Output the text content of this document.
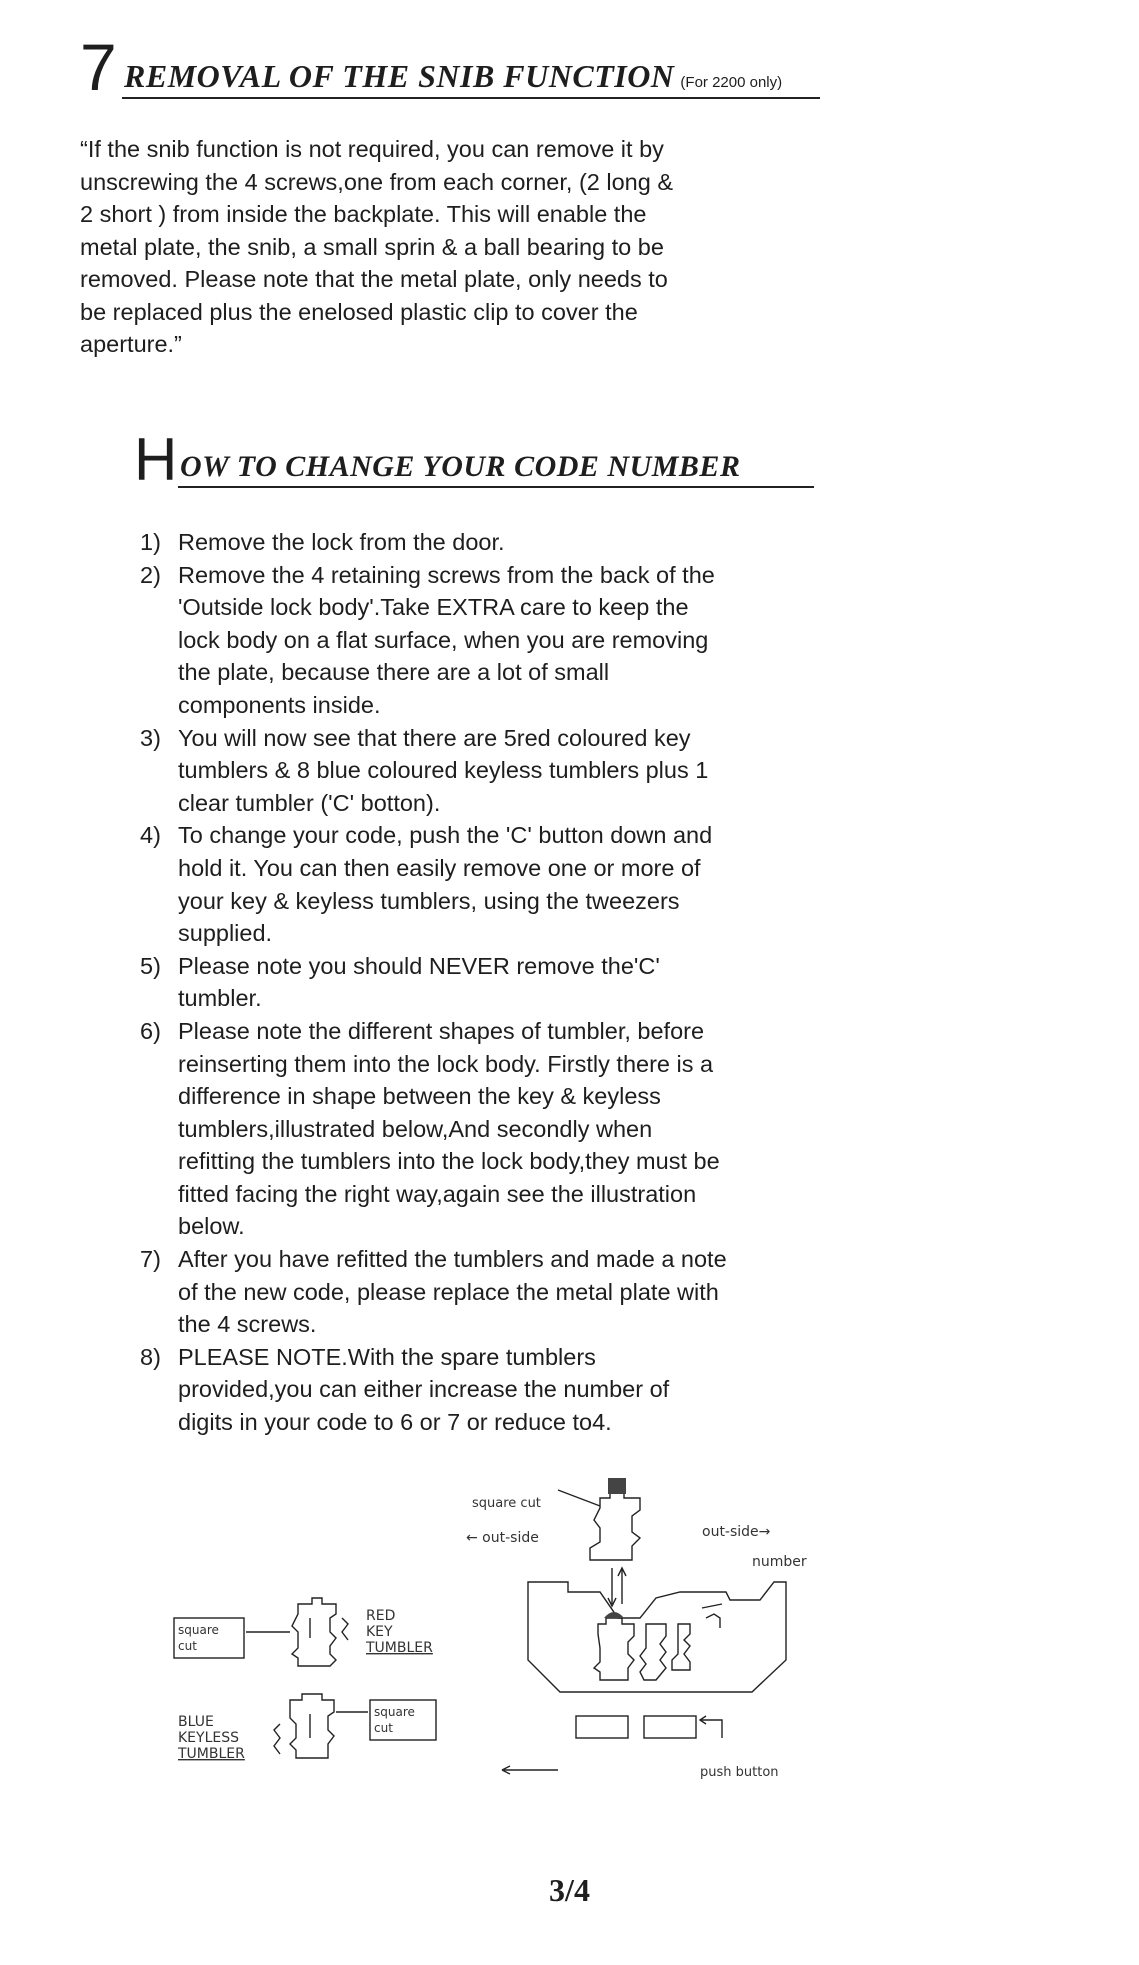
7 REMOVAL OF THE SNIB FUNCTION (For 2200 only)

“If the snib function is not required, you can remove it by
unscrewing the 4 screws,one from each corner, (2 long &
2 short ) from inside the backplate. This will enable the
metal plate, the snib, a small sprin & a ball bearing to be
removed. Please note that the metal plate, only needs to
be replaced plus the enelosed plastic clip to cover the
aperture.”

H OW TO CHANGE YOUR CODE NUMBER
1) Remove the lock from the door.
2) Remove the 4 retaining screws from the back of the
'Outside lock body'.Take EXTRA care to keep the
lock body on a flat surface, when you are removing
the plate, because there are a lot of small
components inside.
3) You will now see that there are 5red coloured key
tumblers & 8 blue coloured keyless tumblers plus 1
clear tumbler ('C' botton).
4) To change your code, push the 'C' button down and
hold it. You can then easily remove one or more of
your key & keyless tumblers, using the tweezers
supplied.
5) Please note you should NEVER remove the'C'
tumbler.
6) Please note the different shapes of tumbler, before
reinserting them into the lock body. Firstly there is a
difference in shape between the key & keyless
tumblers,illustrated below,And secondly when
refitting the tumblers into the lock body,they must be
fitted facing the right way,again see the illustration
below.
7) After you have refitted the tumblers and made a note
of the new code, please replace the metal plate with
the 4 screws.
8) PLEASE NOTE.With the spare tumblers
provided,you can either increase the number of
digits in your code to 6 or 7 or reduce to4.
square cut
← out-side	out-side→
number
square
cut
RED
KEY
TUMBLER
square
cut
BLUE
KEYLESS
TUMBLER
push button
3/4
